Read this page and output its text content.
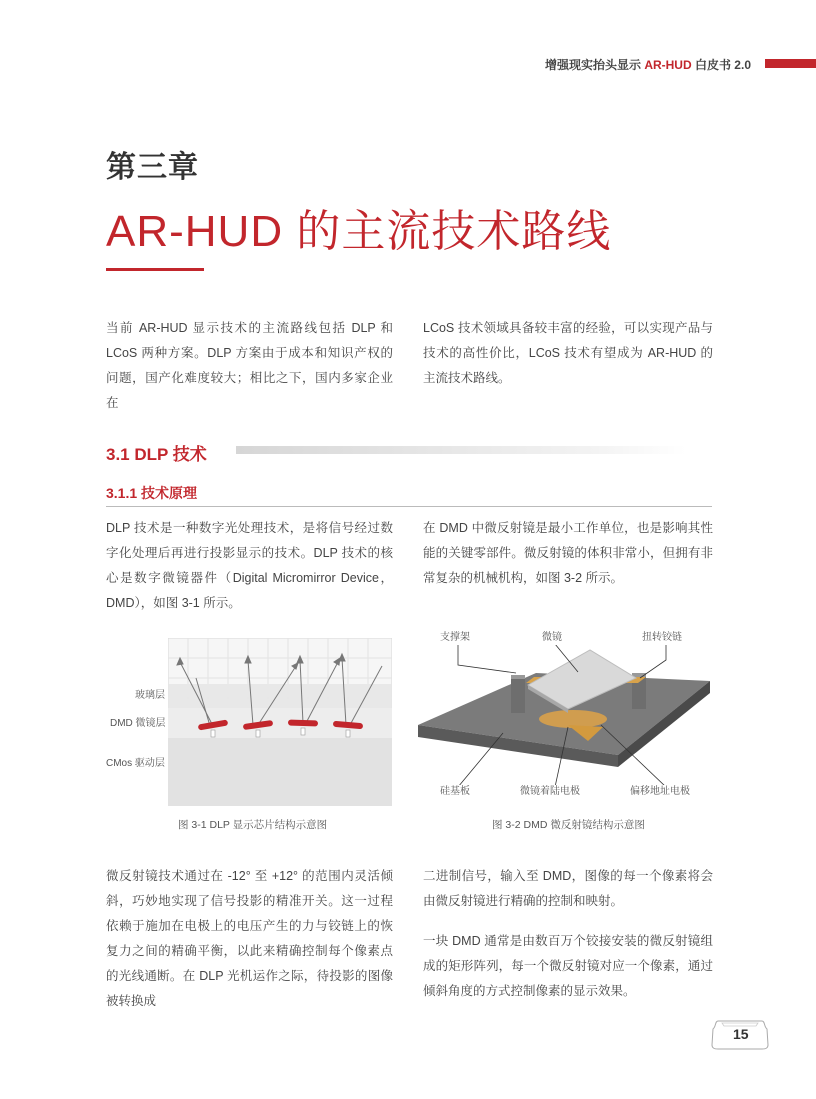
增强现实抬头显示 AR-HUD 白皮书 2.0
第三章
AR-HUD 的主流技术路线
当前 AR-HUD 显示技术的主流路线包括 DLP 和 LCoS 两种方案。DLP 方案由于成本和知识产权的问题，国产化难度较大；相比之下，国内多家企业在
LCoS 技术领域具备较丰富的经验，可以实现产品与技术的高性价比，LCoS 技术有望成为 AR-HUD 的主流技术路线。
3.1 DLP 技术
3.1.1 技术原理
DLP 技术是一种数字光处理技术，是将信号经过数字化处理后再进行投影显示的技术。DLP 技术的核心是数字微镜器件（Digital Micromirror Device，DMD），如图 3-1 所示。
在 DMD 中微反射镜是最小工作单位，也是影响其性能的关键零部件。微反射镜的体积非常小，但拥有非常复杂的机械机构，如图 3-2 所示。
玻璃层
DMD 微镜层
CMos 驱动层
图 3-1 DLP 显示芯片结构示意图
支撑架	微镜	扭转铰链
硅基板	微镜着陆电极	偏移地址电极
图 3-2 DMD 微反射镜结构示意图
微反射镜技术通过在 -12° 至 +12° 的范围内灵活倾斜，巧妙地实现了信号投影的精准开关。这一过程依赖于施加在电极上的电压产生的力与铰链上的恢复力之间的精确平衡，以此来精确控制每个像素点的光线通断。在 DLP 光机运作之际，待投影的图像被转换成
二进制信号，输入至 DMD，图像的每一个像素将会由微反射镜进行精确的控制和映射。
一块 DMD 通常是由数百万个铰接安装的微反射镜组成的矩形阵列，每一个微反射镜对应一个像素，通过倾斜角度的方式控制像素的显示效果。
15
